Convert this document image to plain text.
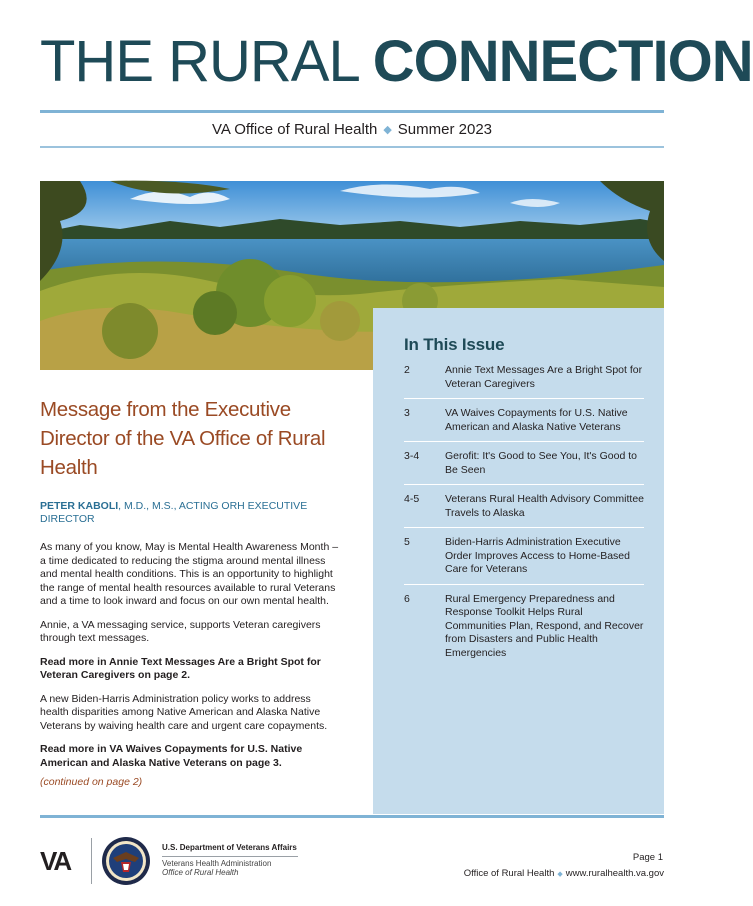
THE RURAL CONNECTION
VA Office of Rural Health ◆ Summer 2023
In This Issue
2	Annie Text Messages Are a Bright Spot for Veteran Caregivers
3	VA Waives Copayments for U.S. Native American and Alaska Native Veterans
3-4	Gerofit: It's Good to See You, It's Good to Be Seen
4-5	Veterans Rural Health Advisory Committee Travels to Alaska
5	Biden-Harris Administration Executive Order Improves Access to Home-Based Care for Veterans
6	Rural Emergency Preparedness and Response Toolkit Helps Rural Communities Plan, Respond, and Recover from Disasters and Public Health Emergencies
Message from the Executive Director of the VA Office of Rural Health
PETER KABOLI, M.D., M.S., ACTING ORH EXECUTIVE DIRECTOR

As many of you know, May is Mental Health Awareness Month – a time dedicated to reducing the stigma around mental illness and mental health conditions. This is an opportunity to highlight the range of mental health resources available to rural Veterans and a time to look inward and focus on our own mental health.

Annie, a VA messaging service, supports Veteran caregivers through text messages.

Read more in Annie Text Messages Are a Bright Spot for Veteran Caregivers on page 2.

A new Biden-Harris Administration policy works to address health disparities among Native American and Alaska Native Veterans by waiving health care and urgent care copayments.

Read more in VA Waives Copayments for U.S. Native American and Alaska Native Veterans on page 3.

(continued on page 2)

VA	U.S. Department of Veterans Affairs
Veterans Health Administration
Office of Rural Health
Page 1
Office of Rural Health ◆ www.ruralhealth.va.gov
